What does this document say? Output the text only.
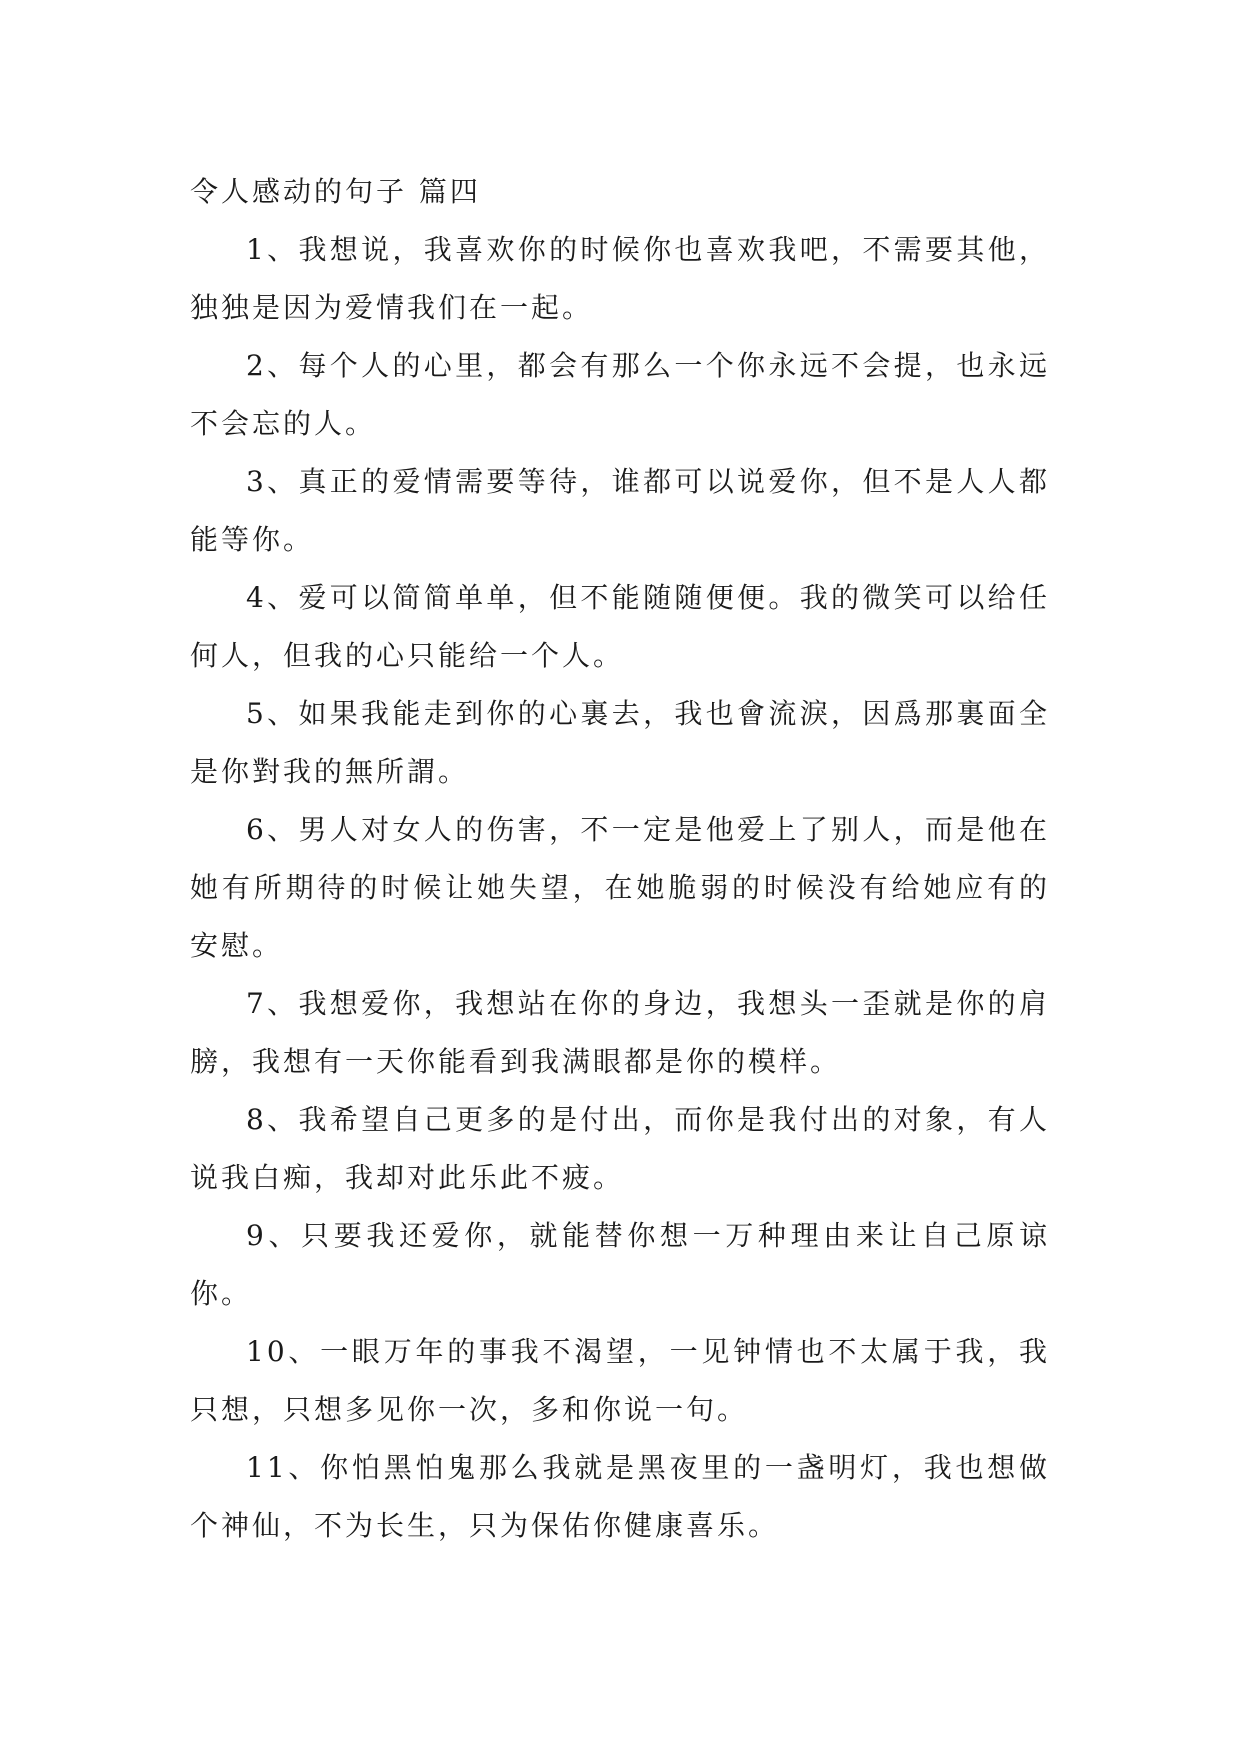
令人感动的句子 篇四

1、我想说，我喜欢你的时候你也喜欢我吧，不需要其他，独独是因为爱情我们在一起。

2、每个人的心里，都会有那么一个你永远不会提，也永远不会忘的人。

3、真正的爱情需要等待，谁都可以说爱你，但不是人人都能等你。

4、爱可以简简单单，但不能随随便便。我的微笑可以给任何人，但我的心只能给一个人。

5、如果我能走到你的心裏去，我也會流淚，因爲那裏面全是你對我的無所謂。

6、男人对女人的伤害，不一定是他爱上了别人，而是他在她有所期待的时候让她失望，在她脆弱的时候没有给她应有的安慰。

7、我想爱你，我想站在你的身边，我想头一歪就是你的肩膀，我想有一天你能看到我满眼都是你的模样。

8、我希望自己更多的是付出，而你是我付出的对象，有人说我白痴，我却对此乐此不疲。

9、只要我还爱你，就能替你想一万种理由来让自己原谅你。

10、一眼万年的事我不渴望，一见钟情也不太属于我，我只想，只想多见你一次，多和你说一句。

11、你怕黑怕鬼那么我就是黑夜里的一盏明灯，我也想做个神仙，不为长生，只为保佑你健康喜乐。
